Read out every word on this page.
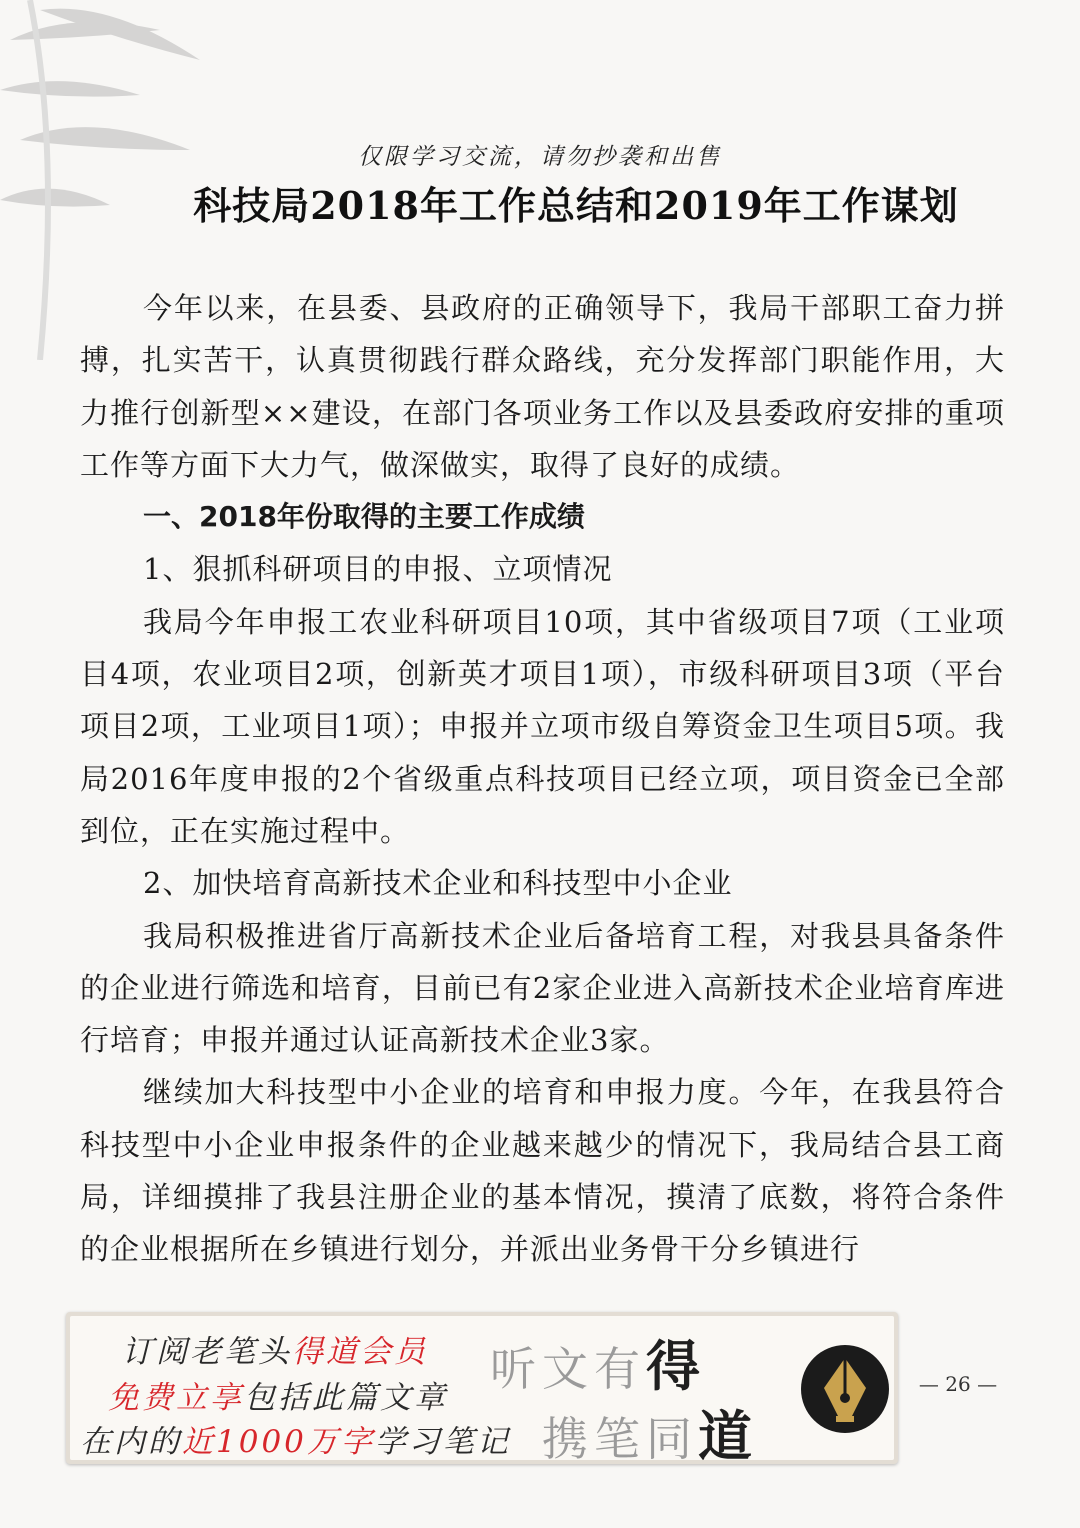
仅限学习交流，请勿抄袭和出售
科技局2018年工作总结和2019年工作谋划

今年以来，在县委、县政府的正确领导下，我局干部职工奋力拼搏，扎实苦干，认真贯彻践行群众路线，充分发挥部门职能作用，大力推行创新型××建设，在部门各项业务工作以及县委政府安排的重项工作等方面下大力气，做深做实，取得了良好的成绩。

一、2018年份取得的主要工作成绩

1、狠抓科研项目的申报、立项情况

我局今年申报工农业科研项目10项，其中省级项目7项（工业项目4项，农业项目2项，创新英才项目1项），市级科研项目3项（平台项目2项，工业项目1项）；申报并立项市级自筹资金卫生项目5项。我局2016年度申报的2个省级重点科技项目已经立项，项目资金已全部到位，正在实施过程中。

2、加快培育高新技术企业和科技型中小企业

我局积极推进省厅高新技术企业后备培育工程，对我县具备条件的企业进行筛选和培育，目前已有2家企业进入高新技术企业培育库进行培育；申报并通过认证高新技术企业3家。

继续加大科技型中小企业的培育和申报力度。今年，在我县符合科技型中小企业申报条件的企业越来越少的情况下，我局结合县工商局，详细摸排了我县注册企业的基本情况，摸清了底数，将符合条件的企业根据所在乡镇进行划分，并派出业务骨干分乡镇进行

订阅老笔头得道会员
免费立享包括此篇文章
在内的近1000万字学习笔记
听文有得
携笔同道
— 26 —
